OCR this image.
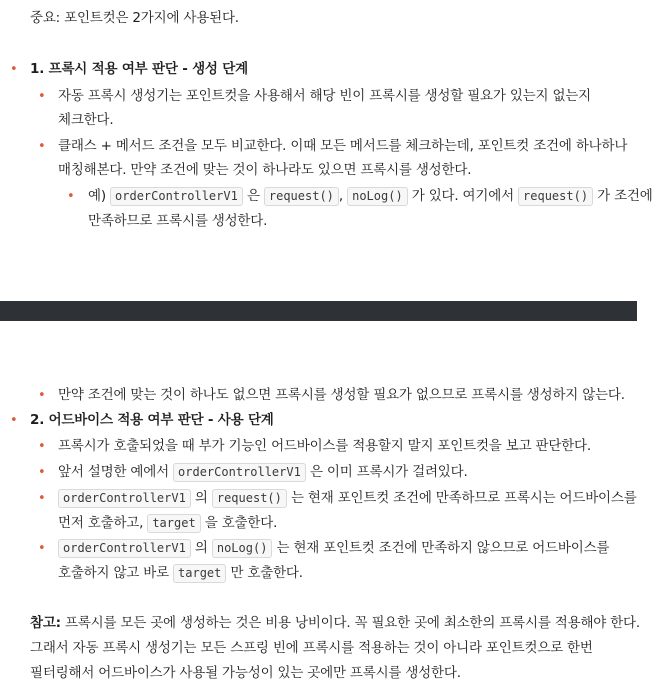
중요: 포인트컷은 2가지에 사용된다.
• 1. 프록시 적용 여부 판단 - 생성 단계
• 자동 프록시 생성기는 포인트컷을 사용해서 해당 빈이 프록시를 생성할 필요가 있는지 없는지
체크한다.
• 클래스 + 메서드 조건을 모두 비교한다. 이때 모든 메서드를 체크하는데, 포인트컷 조건에 하나하나
매칭해본다. 만약 조건에 맞는 것이 하나라도 있으면 프록시를 생성한다.
• 예) orderControllerV1 은 request() , noLog() 가 있다. 여기에서 request() 가 조건에
만족하므로 프록시를 생성한다.
• 만약 조건에 맞는 것이 하나도 없으면 프록시를 생성할 필요가 없으므로 프록시를 생성하지 않는다.
• 2. 어드바이스 적용 여부 판단 - 사용 단계
• 프록시가 호출되었을 때 부가 기능인 어드바이스를 적용할지 말지 포인트컷을 보고 판단한다.
• 앞서 설명한 예에서 orderControllerV1 은 이미 프록시가 걸려있다.
•	orderControllerV1 의 request() 는 현재 포인트컷 조건에 만족하므로 프록시는 어드바이스를
먼저 호출하고, target 을 호출한다.
•	orderControllerV1 의 noLog() 는 현재 포인트컷 조건에 만족하지 않으므로 어드바이스를
호출하지 않고 바로 target 만 호출한다.
참고: 프록시를 모든 곳에 생성하는 것은 비용 낭비이다. 꼭 필요한 곳에 최소한의 프록시를 적용해야 한다.
그래서 자동 프록시 생성기는 모든 스프링 빈에 프록시를 적용하는 것이 아니라 포인트컷으로 한번
필터링해서 어드바이스가 사용될 가능성이 있는 곳에만 프록시를 생성한다.
